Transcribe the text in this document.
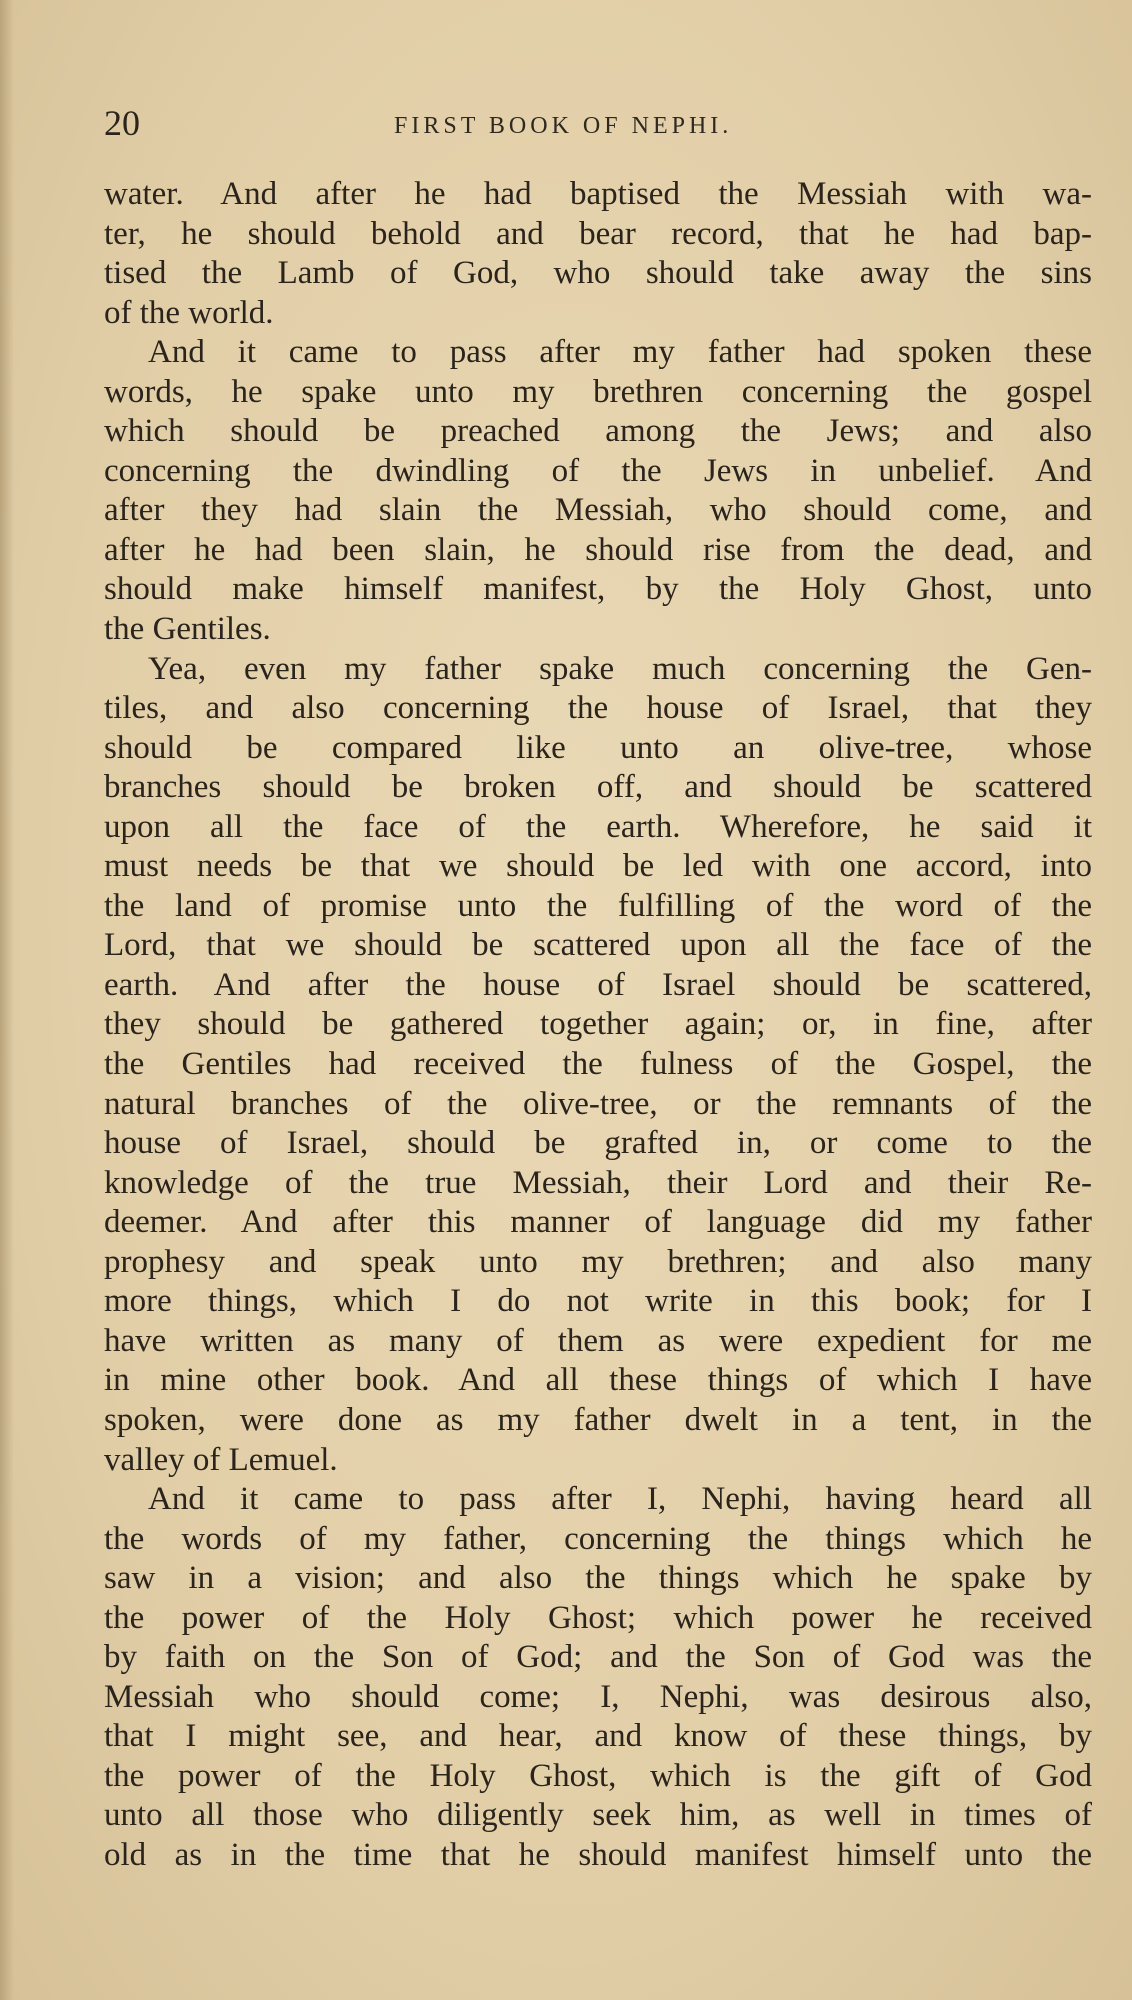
20	FIRST BOOK OF NEPHI.
water. And after he had baptised the Messiah with wa-
ter, he should behold and bear record, that he had bap-
tised the Lamb of God, who should take away the sins
of the world.
And it came to pass after my father had spoken these
words, he spake unto my brethren concerning the gospel
which should be preached among the Jews; and also
concerning the dwindling of the Jews in unbelief. And
after they had slain the Messiah, who should come, and
after he had been slain, he should rise from the dead, and
should make himself manifest, by the Holy Ghost, unto
the Gentiles.
Yea, even my father spake much concerning the Gen-
tiles, and also concerning the house of Israel, that they
should be compared like unto an olive-tree, whose
branches should be broken off, and should be scattered
upon all the face of the earth. Wherefore, he said it
must needs be that we should be led with one accord, into
the land of promise unto the fulfilling of the word of the
Lord, that we should be scattered upon all the face of the
earth. And after the house of Israel should be scattered,
they should be gathered together again; or, in fine, after
the Gentiles had received the fulness of the Gospel, the
natural branches of the olive-tree, or the remnants of the
house of Israel, should be grafted in, or come to the
knowledge of the true Messiah, their Lord and their Re-
deemer. And after this manner of language did my father
prophesy and speak unto my brethren; and also many
more things, which I do not write in this book; for I
have written as many of them as were expedient for me
in mine other book. And all these things of which I have
spoken, were done as my father dwelt in a tent, in the
valley of Lemuel.
And it came to pass after I, Nephi, having heard all
the words of my father, concerning the things which he
saw in a vision; and also the things which he spake by
the power of the Holy Ghost; which power he received
by faith on the Son of God; and the Son of God was the
Messiah who should come; I, Nephi, was desirous also,
that I might see, and hear, and know of these things, by
the power of the Holy Ghost, which is the gift of God
unto all those who diligently seek him, as well in times of
old as in the time that he should manifest himself unto the
